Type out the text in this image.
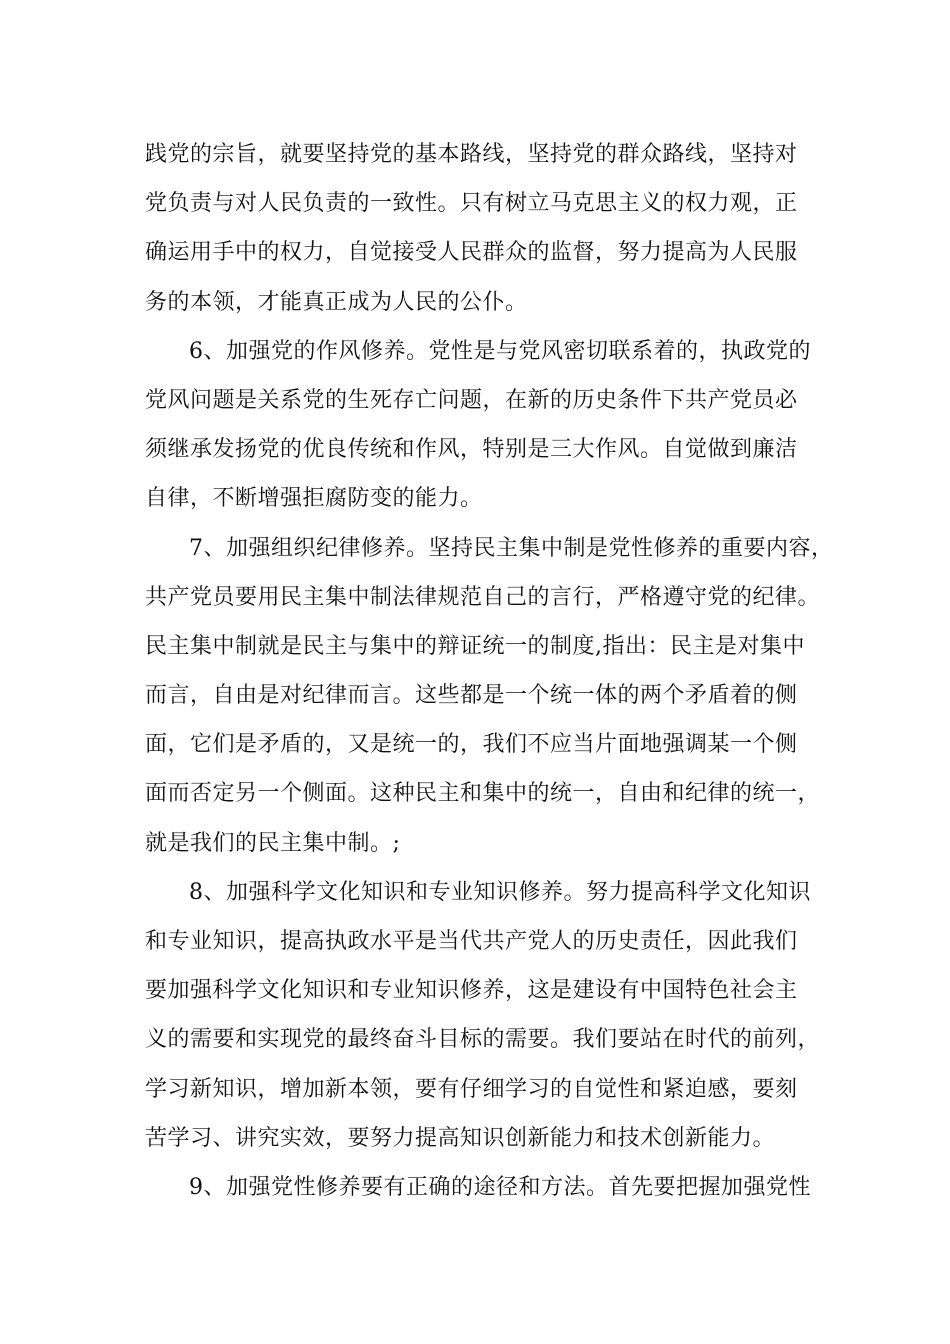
践党的宗旨，就要坚持党的基本路线，坚持党的群众路线，坚持对
党负责与对人民负责的一致性。只有树立马克思主义的权力观，正
确运用手中的权力，自觉接受人民群众的监督，努力提高为人民服
务的本领，才能真正成为人民的公仆。
6、加强党的作风修养。党性是与党风密切联系着的，执政党的
党风问题是关系党的生死存亡问题，在新的历史条件下共产党员必
须继承发扬党的优良传统和作风，特别是三大作风。自觉做到廉洁
自律，不断增强拒腐防变的能力。
7、加强组织纪律修养。坚持民主集中制是党性修养的重要内容，
共产党员要用民主集中制法律规范自己的言行，严格遵守党的纪律。
民主集中制就是民主与集中的辩证统一的制度,指出：民主是对集中
而言，自由是对纪律而言。这些都是一个统一体的两个矛盾着的侧
面，它们是矛盾的，又是统一的，我们不应当片面地强调某一个侧
面而否定另一个侧面。这种民主和集中的统一，自由和纪律的统一，
就是我们的民主集中制。;
8、加强科学文化知识和专业知识修养。努力提高科学文化知识
和专业知识，提高执政水平是当代共产党人的历史责任，因此我们
要加强科学文化知识和专业知识修养，这是建设有中国特色社会主
义的需要和实现党的最终奋斗目标的需要。我们要站在时代的前列，
学习新知识，增加新本领，要有仔细学习的自觉性和紧迫感，要刻
苦学习、讲究实效，要努力提高知识创新能力和技术创新能力。
9、加强党性修养要有正确的途径和方法。首先要把握加强党性
